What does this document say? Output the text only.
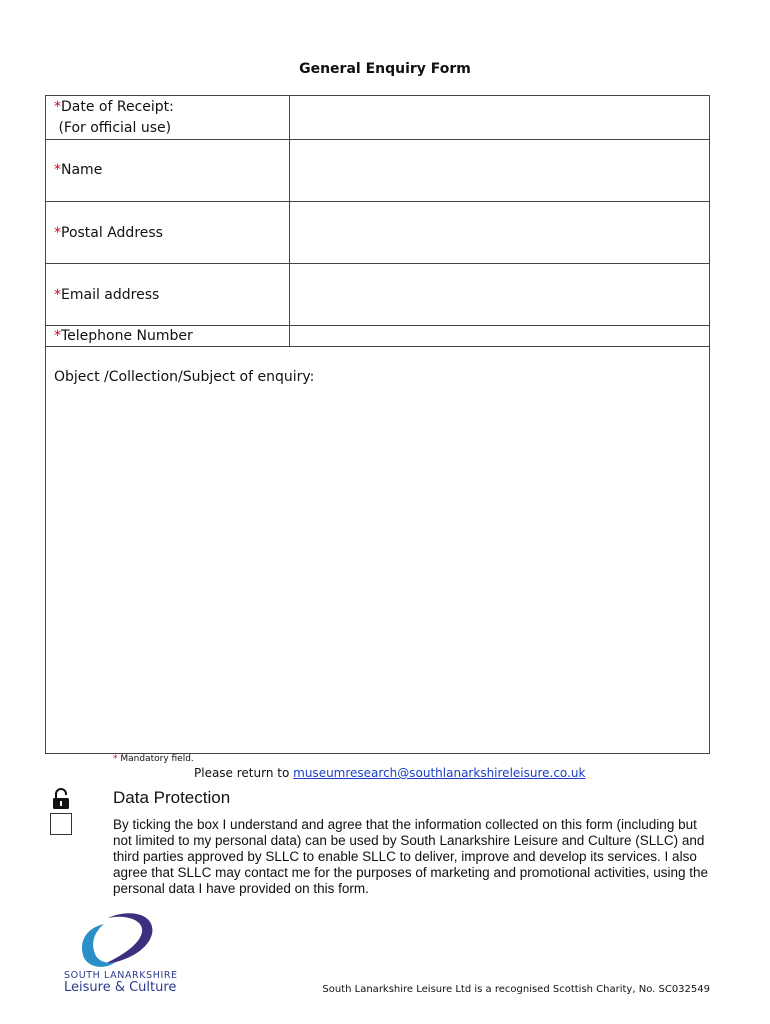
General Enquiry Form
*Date of Receipt:
(For official use)	

*Name	

*Postal Address	

*Email address	

*Telephone Number	

Object /Collection/Subject of enquiry:	
* Mandatory field.
Please return to museumresearch@southlanarkshireleisure.co.uk
Data Protection
By ticking the box I understand and agree that the information collected on this form (including but not limited to my personal data) can be used by South Lanarkshire Leisure and Culture (SLLC) and third parties approved by SLLC to enable SLLC to deliver, improve and develop its services. I also agree that SLLC may contact me for the purposes of marketing and promotional activities, using the personal data I have provided on this form.
SOUTH LANARKSHIRE
Leisure & Culture	South Lanarkshire Leisure Ltd is a recognised Scottish Charity, No. SC032549
